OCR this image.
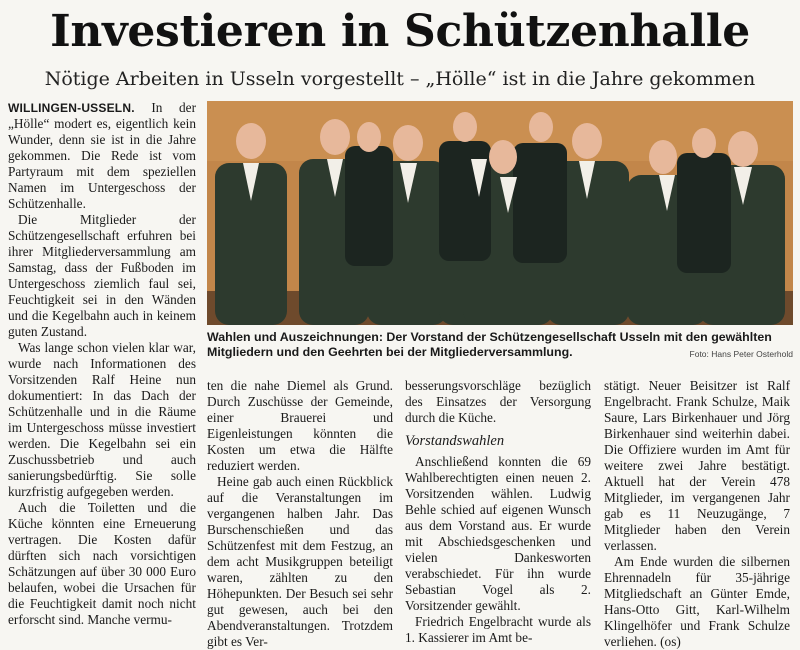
Investieren in Schützenhalle
Nötige Arbeiten in Usseln vorgestellt – „Hölle“ ist in die Jahre gekommen

WILLINGEN-USSELN. In der „Hölle“ modert es, eigentlich kein Wunder, denn sie ist in die Jahre gekommen. Die Rede ist vom Partyraum mit dem speziellen Namen im Untergeschoss der Schützenhalle.

Die Mitglieder der Schützengesellschaft erfuhren bei ihrer Mitgliederversammlung am Samstag, dass der Fußboden im Untergeschoss ziemlich faul sei, Feuchtigkeit sei in den Wänden und die Kegelbahn auch in keinem guten Zustand.

Was lange schon vielen klar war, wurde nach Informationen des Vorsitzenden Ralf Heine nun dokumentiert: In das Dach der Schützenhalle und in die Räume im Untergeschoss müsse investiert werden. Die Kegelbahn sei ein Zuschussbetrieb und auch sanierungsbedürftig. Sie solle kurzfristig aufgegeben werden.

Auch die Toiletten und die Küche könnten eine Erneuerung vertragen. Die Kosten dafür dürften sich nach vorsichtigen Schätzungen auf über 30 000 Euro belaufen, wobei die Ursachen für die Feuchtigkeit damit noch nicht erforscht sind. Manche vermu-

Wahlen und Auszeichnungen: Der Vorstand der Schützengesellschaft Usseln mit den gewählten Mitgliedern und den Geehrten bei der Mitgliederversammlung.	Foto: Hans Peter Osterhold

ten die nahe Diemel als Grund. Durch Zuschüsse der Gemeinde, einer Brauerei und Eigenleistungen könnten die Kosten um etwa die Hälfte reduziert werden.

Heine gab auch einen Rückblick auf die Veranstaltungen im vergangenen halben Jahr. Das Burschenschießen und das Schützenfest mit dem Festzug, an dem acht Musikgruppen beteiligt waren, zählten zu den Höhepunkten. Der Besuch sei sehr gut gewesen, auch bei den Abendveranstaltungen. Trotzdem gibt es Ver-

besserungsvorschläge bezüglich des Einsatzes der Versorgung durch die Küche.

Vorstandswahlen

Anschließend konnten die 69 Wahlberechtigten einen neuen 2. Vorsitzenden wählen. Ludwig Behle schied auf eigenen Wunsch aus dem Vorstand aus. Er wurde mit Abschiedsgeschenken und vielen Dankesworten verabschiedet. Für ihn wurde Sebastian Vogel als 2. Vorsitzender gewählt.

Friedrich Engelbracht wurde als 1. Kassierer im Amt be-

stätigt. Neuer Beisitzer ist Ralf Engelbracht. Frank Schulze, Maik Saure, Lars Birkenhauer und Jörg Birkenhauer sind weiterhin dabei. Die Offiziere wurden im Amt für weitere zwei Jahre bestätigt. Aktuell hat der Verein 478 Mitglieder, im vergangenen Jahr gab es 11 Neuzugänge, 7 Mitglieder haben den Verein verlassen.

Am Ende wurden die silbernen Ehrennadeln für 35-jährige Mitgliedschaft an Günter Emde, Hans-Otto Gitt, Karl-Wilhelm Klingelhöfer und Frank Schulze verliehen. (os)
